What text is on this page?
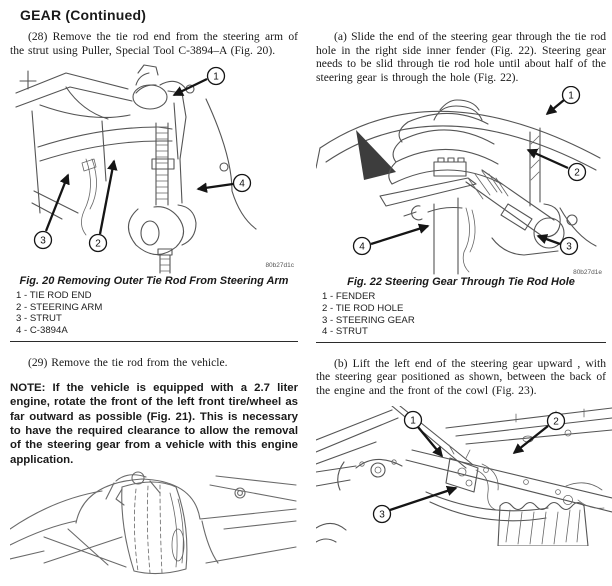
GEAR (Continued)

(28) Remove the tie rod end from the steering arm of the strut using Puller, Special Tool C-3894–A (Fig. 20).

1
4
3	2
80b27d1c
Fig. 20 Removing Outer Tie Rod From Steering Arm
1 - TIE ROD END
2 - STEERING ARM
3 - STRUT
4 - C-3894A

(29) Remove the tie rod from the vehicle.

NOTE: If the vehicle is equipped with a 2.7 liter engine, rotate the front of the left front tire/wheel as far outward as possible (Fig. 21). This is necessary to have the required clearance to allow the removal of the steering gear from a vehicle with this engine application.

(a) Slide the end of the steering gear through the tie rod hole in the right side inner fender (Fig. 22). Steering gear needs to be slid through tie rod hole until about half of the steering gear is through the hole (Fig. 22).

1
2
3
4
80b27d1e
Fig. 22 Steering Gear Through Tie Rod Hole
1 - FENDER
2 - TIE ROD HOLE
3 - STEERING GEAR
4 - STRUT

(b) Lift the left end of the steering gear upward , with the steering gear positioned as shown, between the back of the engine and the front of the cowl (Fig. 23).

1	2
3
